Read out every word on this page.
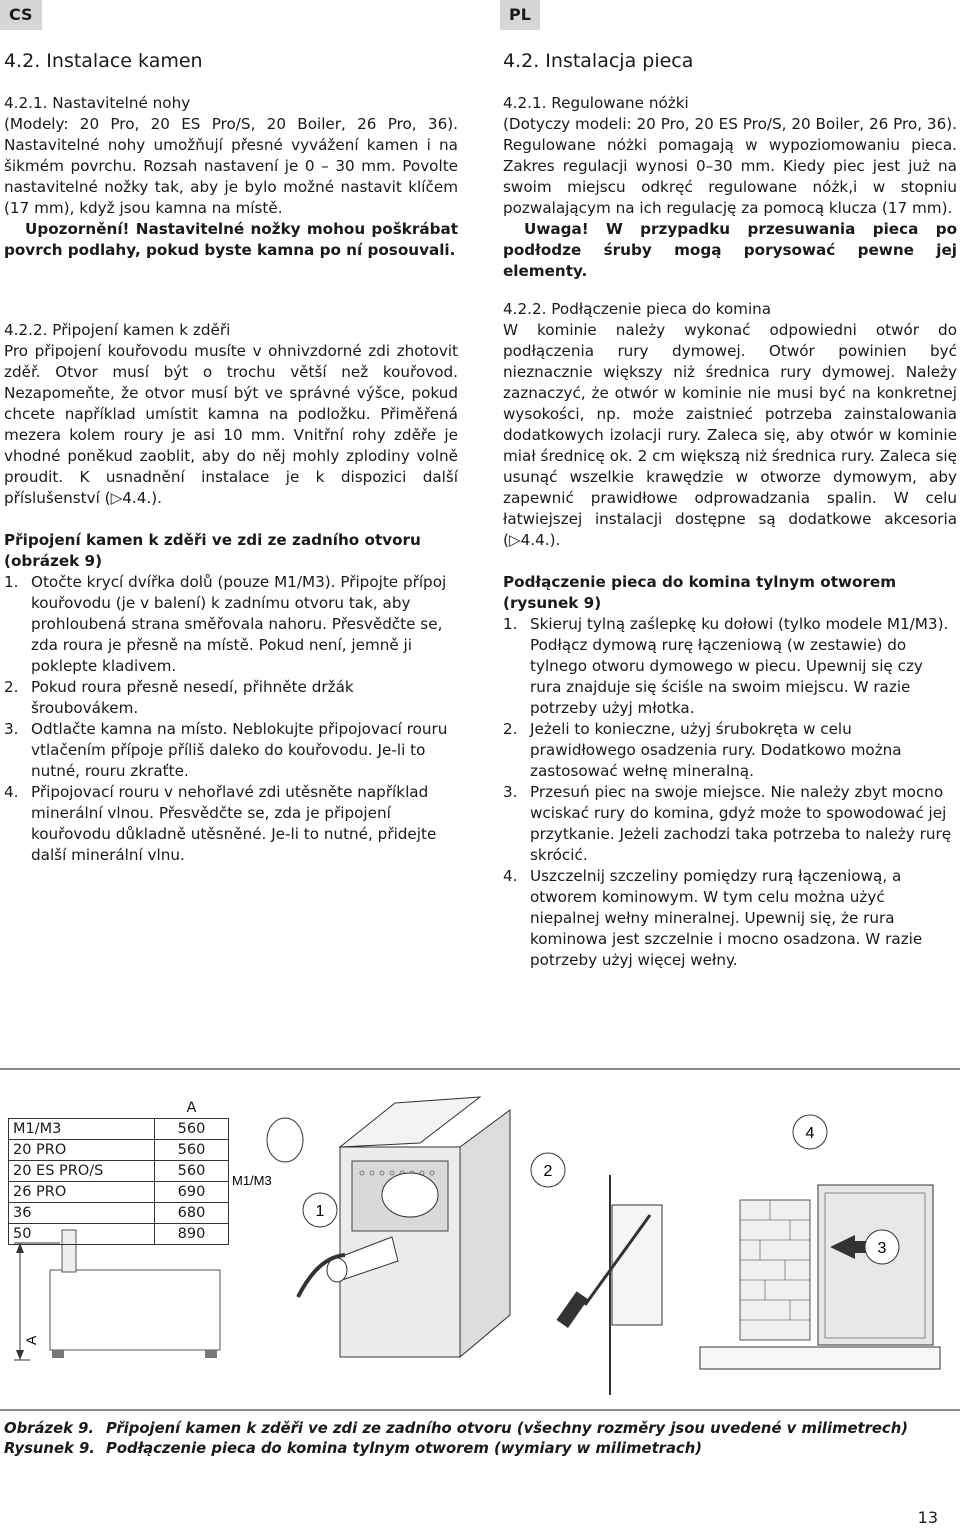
CS	PL
4.2. Instalace kamen

4.2.1. Nastavitelné nohy

(Modely: 20 Pro, 20 ES Pro/S, 20 Boiler, 26 Pro, 36). Nastavitelné nohy umožňují přesné vyvážení kamen i na šikmém povrchu. Rozsah nastavení je 0 – 30 mm. Povolte nastavitelné nožky tak, aby je bylo možné nastavit klíčem (17 mm), když jsou kamna na místě.

Upozornění! Nastavitelné nožky mohou poškrábat povrch podlahy, pokud byste kamna po ní posouvali.

4.2.2. Připojení kamen k zděři

Pro připojení kouřovodu musíte v ohnivzdorné zdi zhotovit zděř. Otvor musí být o trochu větší než kouřovod. Nezapomeňte, že otvor musí být ve správné výšce, pokud chcete například umístit kamna na podložku. Přiměřená mezera kolem roury je asi 10 mm. Vnitřní rohy zděře je vhodné poněkud zaoblit, aby do něj mohly zplodiny volně proudit. K usnadnění instalace je k dispozici další příslušenství (▷4.4.).

Připojení kamen k zděři ve zdi ze zadního otvoru (obrázek 9)

1. Otočte krycí dvířka dolů (pouze M1/M3). Připojte přípoj kouřovodu (je v balení) k zadnímu otvoru tak, aby prohloubená strana směřovala nahoru. Přesvědčte se, zda roura je přesně na místě. Pokud není, jemně ji poklepte kladivem.
2. Pokud roura přesně nesedí, přihněte držák šroubovákem.
3. Odtlačte kamna na místo. Neblokujte připojovací rouru vtlačením přípoje příliš daleko do kouřovodu. Je-li to nutné, rouru zkraťte.
4. Připojovací rouru v nehořlavé zdi utěsněte například minerální vlnou. Přesvědčte se, zda je připojení kouřovodu důkladně utěsněné. Je-li to nutné, přidejte další minerální vlnu.
4.2. Instalacja pieca

4.2.1. Regulowane nóżki

(Dotyczy modeli: 20 Pro, 20 ES Pro/S, 20 Boiler, 26 Pro, 36). Regulowane nóżki pomagają w wypoziomowaniu pieca. Zakres regulacji wynosi 0–30 mm. Kiedy piec jest już na swoim miejscu odkręć regulowane nóżk,i w stopniu pozwalającym na ich regulację za pomocą klucza (17 mm).

Uwaga! W przypadku przesuwania pieca po podłodze śruby mogą porysować pewne jej elementy.

4.2.2. Podłączenie pieca do komina

W kominie należy wykonać odpowiedni otwór do podłączenia rury dymowej. Otwór powinien być nieznacznie większy niż średnica rury dymowej. Należy zaznaczyć, że otwór w kominie nie musi być na konkretnej wysokości, np. może zaistnieć potrzeba zainstalowania dodatkowych izolacji rury. Zaleca się, aby otwór w kominie miał średnicę ok. 2 cm większą niż średnica rury. Zaleca się usunąć wszelkie krawędzie w otworze dymowym, aby zapewnić prawidłowe odprowadzania spalin. W celu łatwiejszej instalacji dostępne są dodatkowe akcesoria (▷4.4.).

Podłączenie pieca do komina tylnym otworem (rysunek 9)

1. Skieruj tylną zaślepkę ku dołowi (tylko modele M1/M3). Podłącz dymową rurę łączeniową (w zestawie) do tylnego otworu dymowego w piecu. Upewnij się czy rura znajduje się ściśle na swoim miejscu. W razie potrzeby użyj młotka.
2. Jeżeli to konieczne, użyj śrubokręta w celu prawidłowego osadzenia rury. Dodatkowo można zastosować wełnę mineralną.
3. Przesuń piec na swoje miejsce. Nie należy zbyt mocno wciskać rury do komina, gdyż może to spowodować jej przytkanie. Jeżeli zachodzi taka potrzeba to należy rurę skrócić.
4. Uszczelnij szczeliny pomiędzy rurą łączeniową, a otworem kominowym. W tym celu można użyć niepalnej wełny mineralnej. Upewnij się, że rura kominowa jest szczelnie i mocno osadzona. W razie potrzeby użyj więcej wełny.
A
M1/M3
1
2
4
3
	A
M1/M3	560
20 PRO	560
20 ES PRO/S	560
26 PRO	690
36	680
50	890
Obrázek 9. Připojení kamen k zděři ve zdi ze zadního otvoru (všechny rozměry jsou uvedené v milimetrech)
Rysunek 9. Podłączenie pieca do komina tylnym otworem (wymiary w milimetrach)
13
